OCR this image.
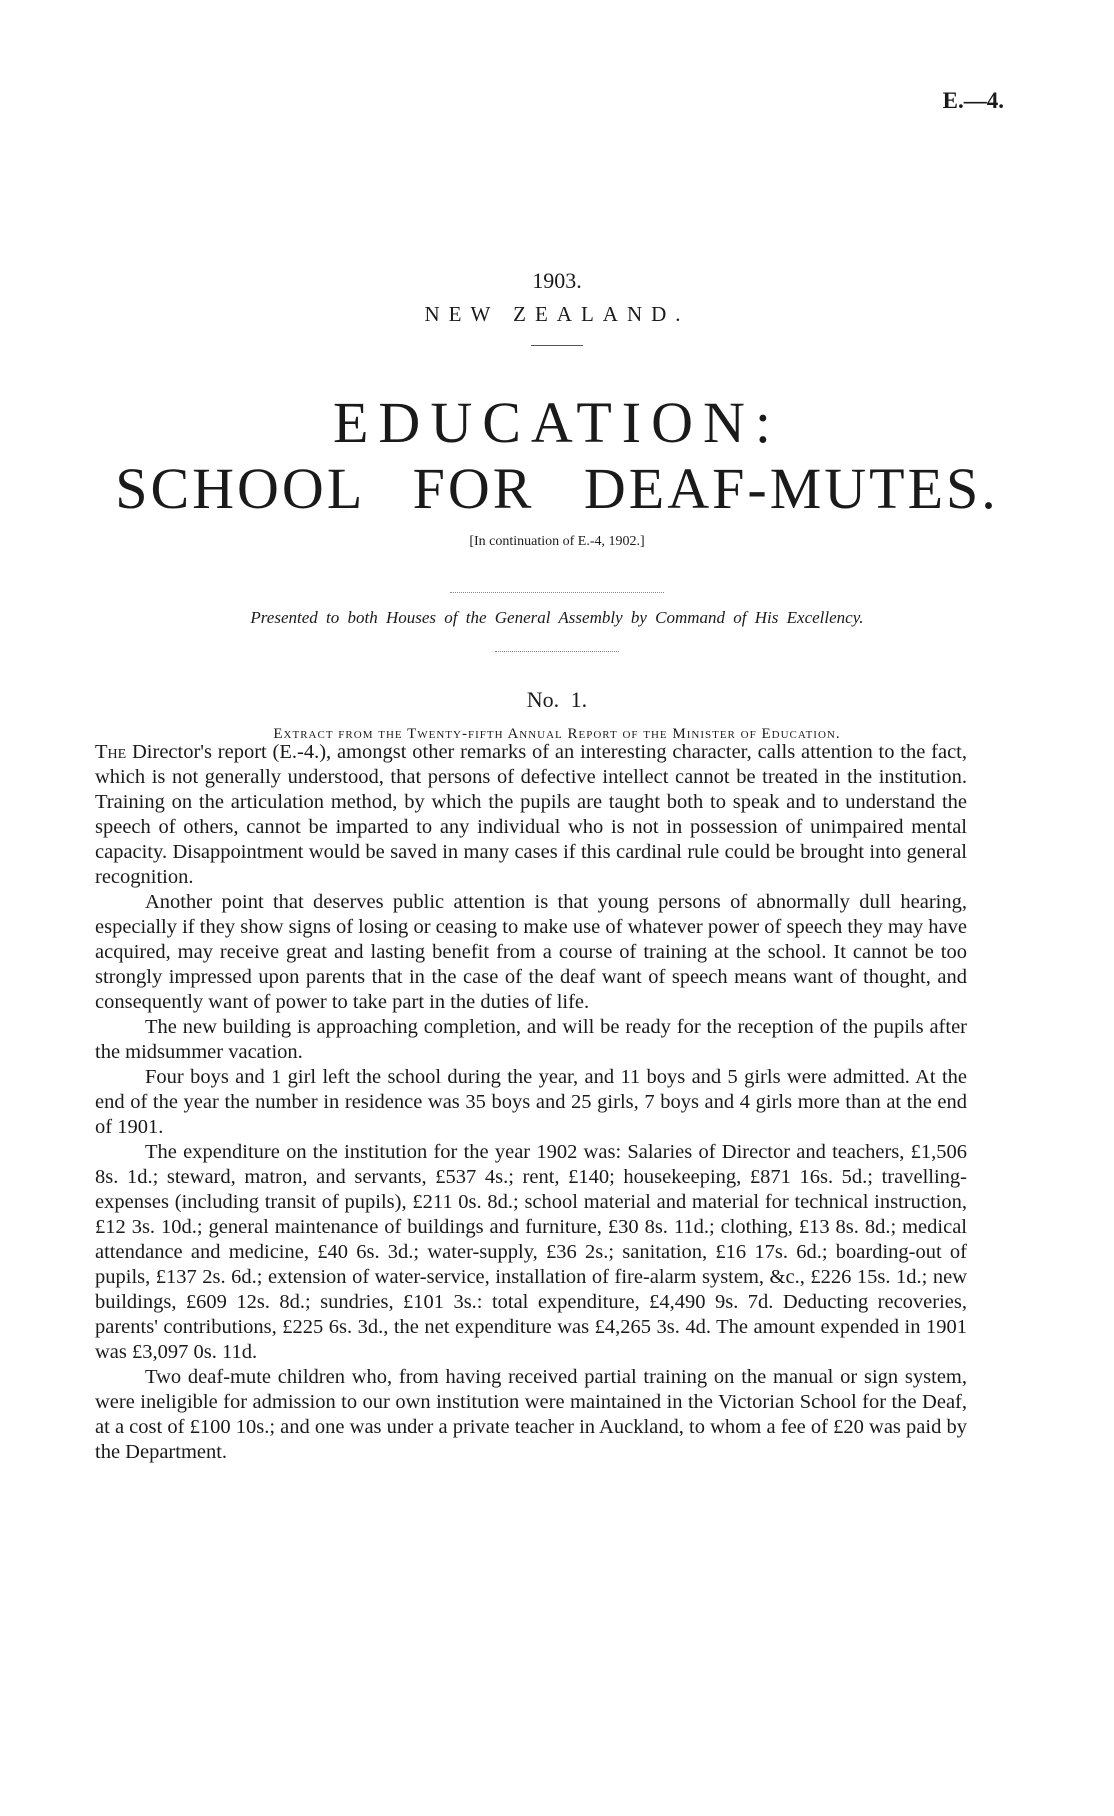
E.—4.
1903.
NEW ZEALAND.
EDUCATION:
SCHOOL FOR DEAF-MUTES.
[In continuation of E.-4, 1902.]
Presented to both Houses of the General Assembly by Command of His Excellency.
No. 1.
Extract from the Twenty-fifth Annual Report of the Minister of Education.

The Director's report (E.-4.), amongst other remarks of an interesting character, calls attention to the fact, which is not generally understood, that persons of defective intellect cannot be treated in the institution. Training on the articulation method, by which the pupils are taught both to speak and to understand the speech of others, cannot be imparted to any individual who is not in possession of unimpaired mental capacity. Disappointment would be saved in many cases if this cardinal rule could be brought into general recognition.

Another point that deserves public attention is that young persons of abnormally dull hearing, especially if they show signs of losing or ceasing to make use of whatever power of speech they may have acquired, may receive great and lasting benefit from a course of training at the school. It cannot be too strongly impressed upon parents that in the case of the deaf want of speech means want of thought, and consequently want of power to take part in the duties of life.

The new building is approaching completion, and will be ready for the reception of the pupils after the midsummer vacation.

Four boys and 1 girl left the school during the year, and 11 boys and 5 girls were admitted. At the end of the year the number in residence was 35 boys and 25 girls, 7 boys and 4 girls more than at the end of 1901.

The expenditure on the institution for the year 1902 was: Salaries of Director and teachers, £1,506 8s. 1d.; steward, matron, and servants, £537 4s.; rent, £140; housekeeping, £871 16s. 5d.; travelling-expenses (including transit of pupils), £211 0s. 8d.; school material and material for technical instruction, £12 3s. 10d.; general maintenance of buildings and furniture, £30 8s. 11d.; clothing, £13 8s. 8d.; medical attendance and medicine, £40 6s. 3d.; water-supply, £36 2s.; sanitation, £16 17s. 6d.; boarding-out of pupils, £137 2s. 6d.; extension of water-service, installation of fire-alarm system, &c., £226 15s. 1d.; new buildings, £609 12s. 8d.; sundries, £101 3s.: total expenditure, £4,490 9s. 7d. Deducting recoveries, parents' contributions, £225 6s. 3d., the net expenditure was £4,265 3s. 4d. The amount expended in 1901 was £3,097 0s. 11d.

Two deaf-mute children who, from having received partial training on the manual or sign system, were ineligible for admission to our own institution were maintained in the Victorian School for the Deaf, at a cost of £100 10s.; and one was under a private teacher in Auckland, to whom a fee of £20 was paid by the Department.
